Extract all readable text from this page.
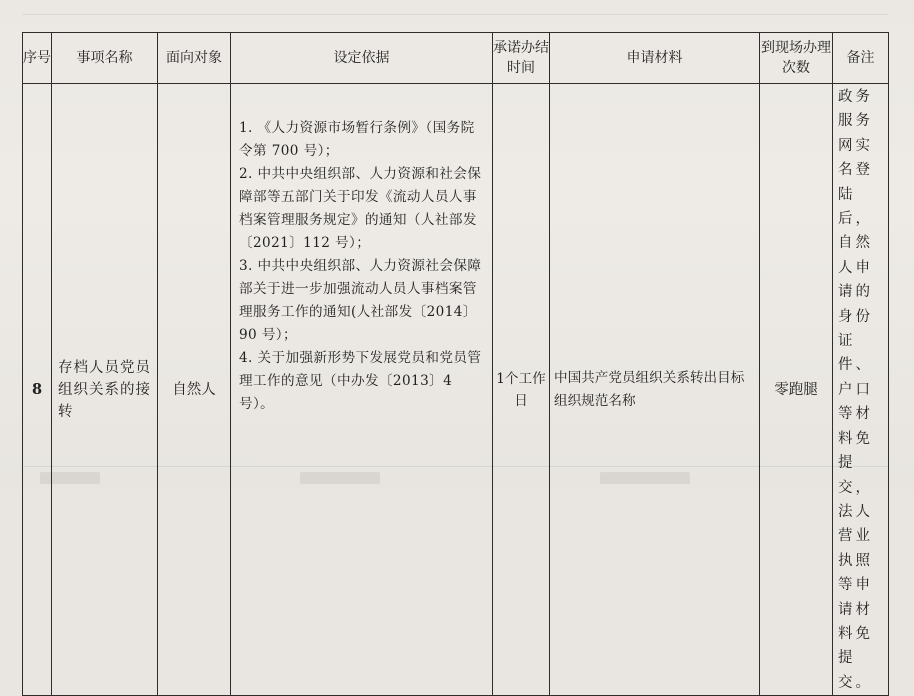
序号	事项名称	面向对象	设定依据	承诺办结时间	申请材料	到现场办理次数	备注
8	存档人员党员组织关系的接转	自然人	1. 《人力资源市场暂行条例》（国务院令第 700 号）；
2. 中共中央组织部、人力资源和社会保障部等五部门关于印发《流动人员人事档案管理服务规定》的通知（人社部发〔2021〕112 号）；
3. 中共中央组织部、人力资源社会保障部关于进一步加强流动人员人事档案管理服务工作的通知(人社部发〔2014〕90 号）；
4. 关于加强新形势下发展党员和党员管理工作的意见（中办发〔2013〕4号）。	1个工作日	中国共产党员组织关系转出目标组织规范名称	零跑腿	政务服务网实名登陆后，自然人申请的身份证件、户口等材料免提交，法人营业执照等申请材料免提交。
